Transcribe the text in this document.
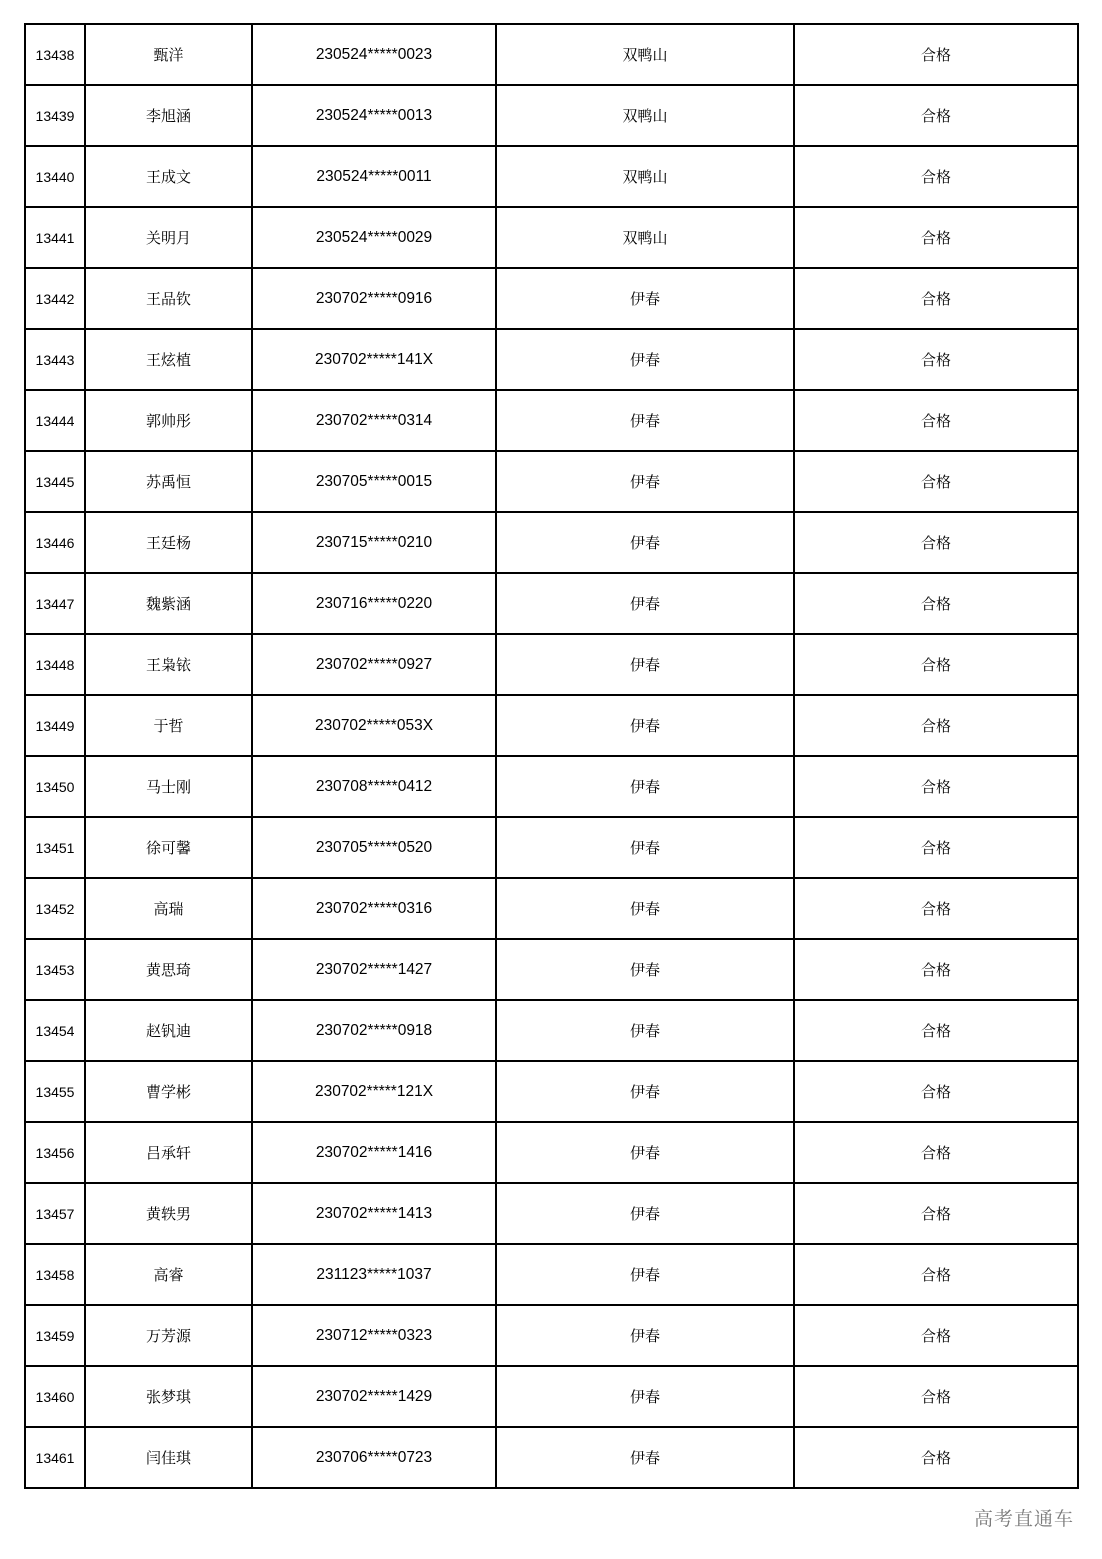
13438	甄洋	230524*****0023	双鸭山	合格
13439	李旭涵	230524*****0013	双鸭山	合格
13440	王成文	230524*****0011	双鸭山	合格
13441	关明月	230524*****0029	双鸭山	合格
13442	王品钦	230702*****0916	伊春	合格
13443	王炫植	230702*****141X	伊春	合格
13444	郭帅彤	230702*****0314	伊春	合格
13445	苏禹恒	230705*****0015	伊春	合格
13446	王廷杨	230715*****0210	伊春	合格
13447	魏紫涵	230716*****0220	伊春	合格
13448	王枭铱	230702*****0927	伊春	合格
13449	于哲	230702*****053X	伊春	合格
13450	马士刚	230708*****0412	伊春	合格
13451	徐可馨	230705*****0520	伊春	合格
13452	高瑞	230702*****0316	伊春	合格
13453	黄思琦	230702*****1427	伊春	合格
13454	赵钒迪	230702*****0918	伊春	合格
13455	曹学彬	230702*****121X	伊春	合格
13456	吕承轩	230702*****1416	伊春	合格
13457	黄轶男	230702*****1413	伊春	合格
13458	高睿	231123*****1037	伊春	合格
13459	万芳源	230712*****0323	伊春	合格
13460	张梦琪	230702*****1429	伊春	合格
13461	闫佳琪	230706*****0723	伊春	合格
高考直通车
